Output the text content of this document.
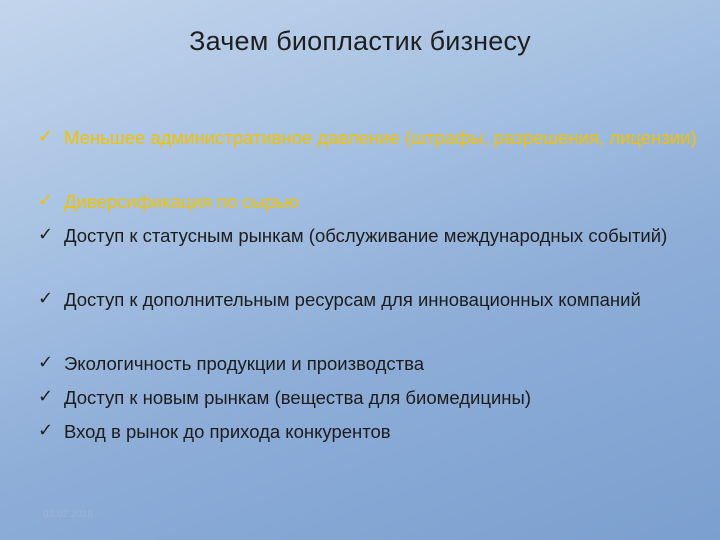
Зачем биопластик бизнесу
✓ Меньшее административное давление (штрафы, разрешения, лицензии)
✓ Диверсификация по сырью
✓ Доступ к статусным рынкам (обслуживание международных событий)
✓ Доступ к дополнительным ресурсам для инновационных компаний
✓ Экологичность продукции и производства
✓ Доступ к новым рынкам (вещества для биомедицины)
✓ Вход в рынок до прихода конкурентов
03.02.2018
